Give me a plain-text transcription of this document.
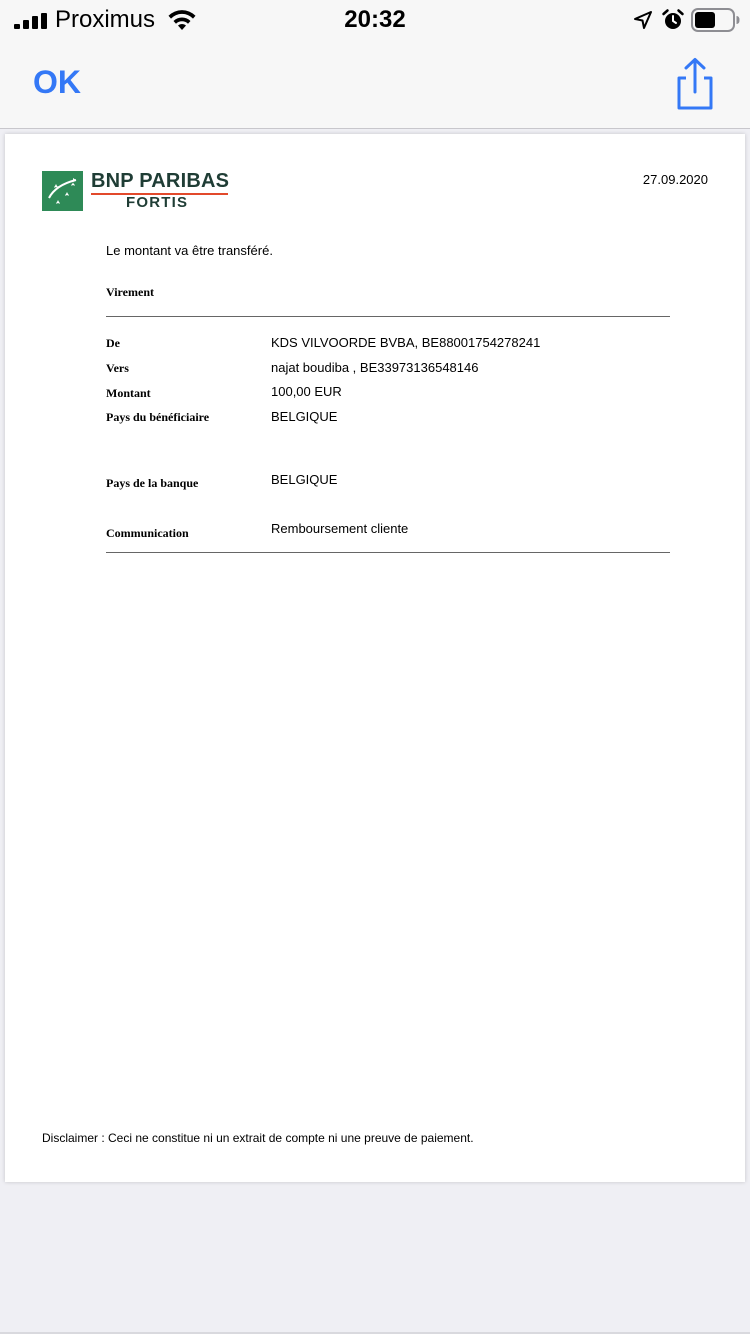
Proximus	20:32
OK
BNP PARIBAS
FORTIS
27.09.2020
Le montant va être transféré.
Virement
De	KDS VILVOORDE BVBA, BE88001754278241
Vers	najat boudiba , BE33973136548146
Montant	100,00 EUR
Pays du bénéficiaire	BELGIQUE
Pays de la banque	BELGIQUE
Communication	Remboursement cliente
Disclaimer : Ceci ne constitue ni un extrait de compte ni une preuve de paiement.
